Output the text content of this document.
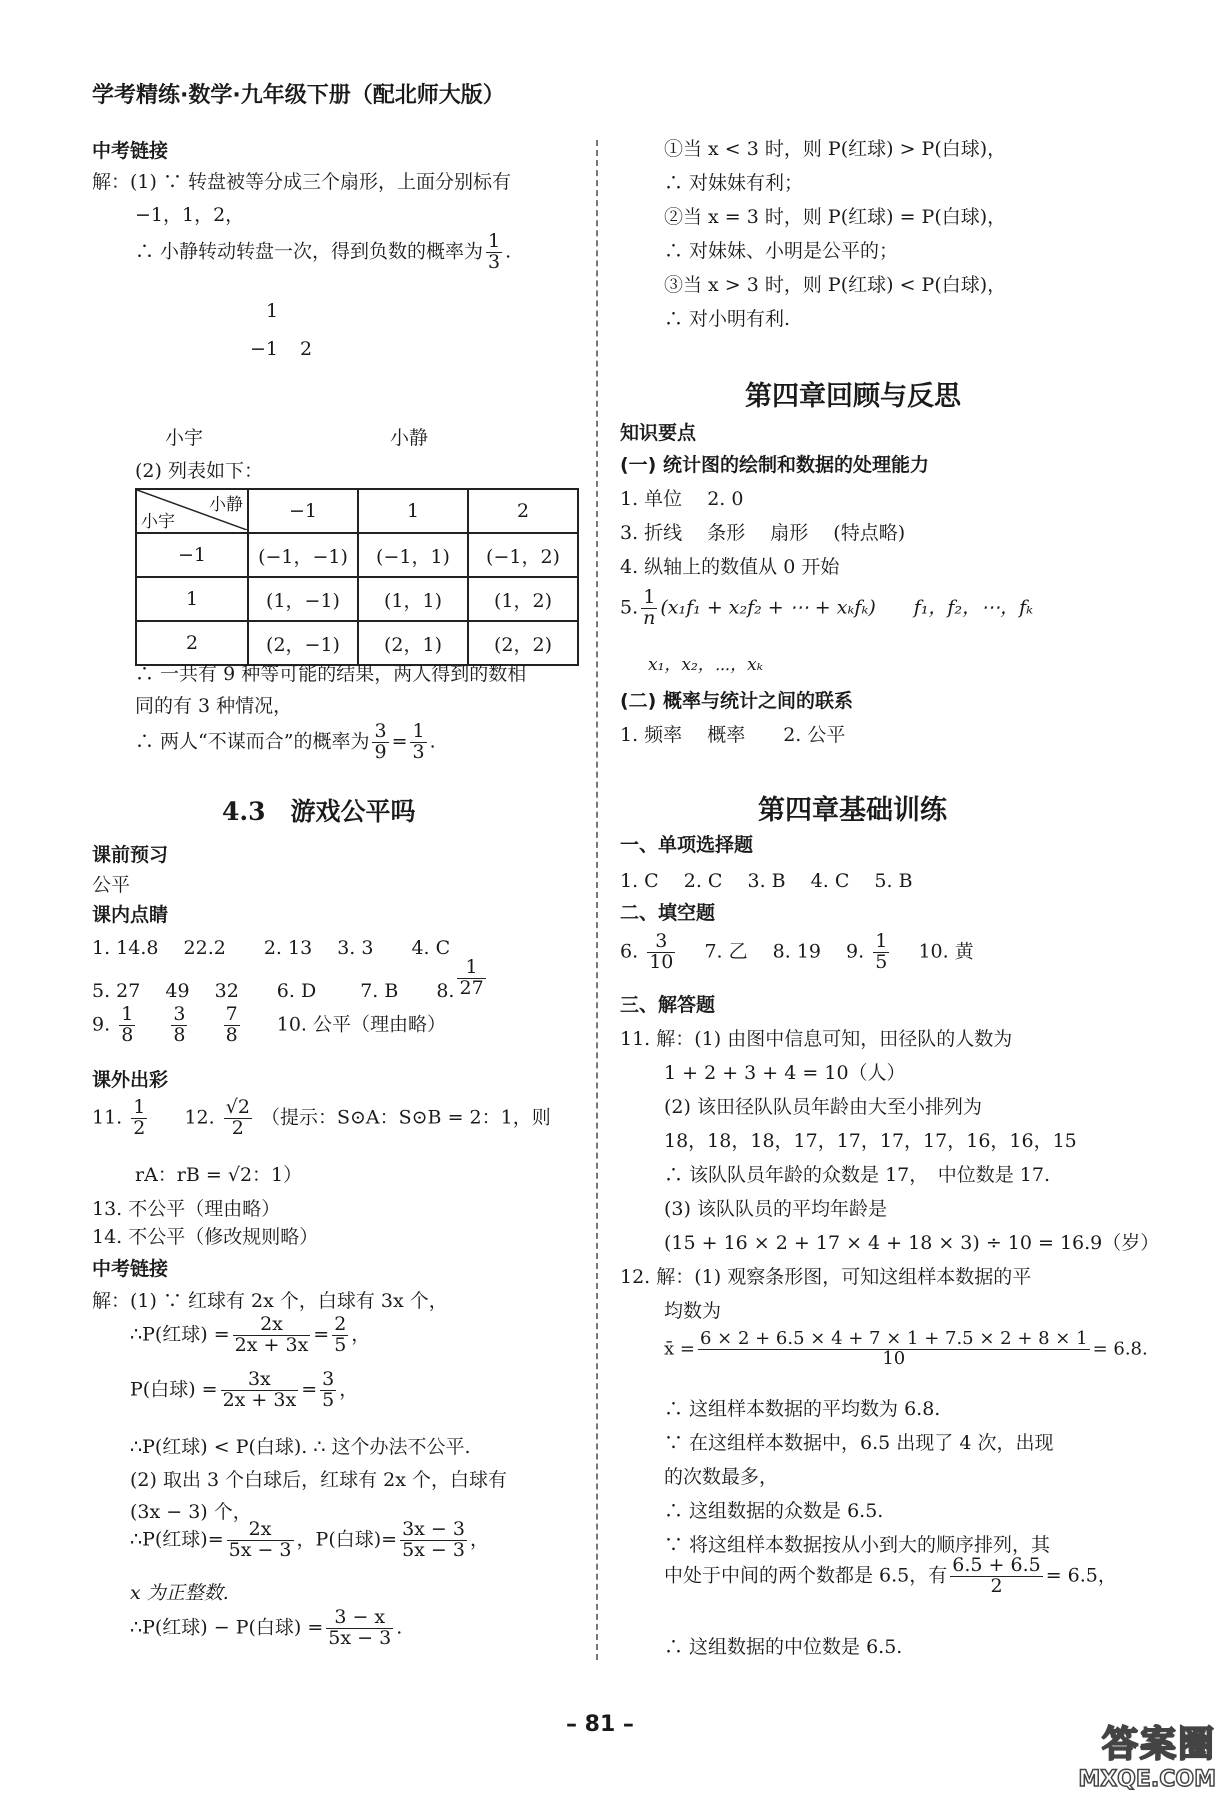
学考精练·数学·九年级下册（配北师大版）
中考链接
解：(1) ∵ 转盘被等分成三个扇形，上面分别标有
−1，1，2，
∴ 小静转动转盘一次，得到负数的概率为 $\frac{1}{3}$ .
1
−1 2
小宇	小静
(2) 列表如下：
小静
小宇	−1	1	2
−1	(−1，−1)	(−1，1)	(−1，2)
1	(1，−1)	(1，1)	(1，2)
2	(2，−1)	(2，1)	(2，2)
∴ 一共有 9 种等可能的结果，两人得到的数相
同的有 3 种情况，
∴ 两人“不谋而合”的概率为 $\frac{3}{9} = \frac{1}{3}$ .
4.3　游戏公平吗
课前预习
公平
课内点睛
1. 14.8　 22.2　　2. 13　 3. 3　　4. C
5. 27　 49　 32　　6. D　　 7. B　　8. $\frac{1}{27}$
9. $\frac{1}{8}$
$\frac{3}{8}$
$\frac{7}{8} 10$. 公平（理由略）
课外出彩
11. $\frac{1}{2} 12$. $\frac{√2}{2}$ （提示：S⊙A：S⊙B = 2：1，则
rA：rB = √2：1）
13. 不公平（理由略）
14. 不公平（修改规则略）
中考链接
解：(1) ∵ 红球有 2x 个，白球有 3x 个，
∴P(红球) = $\frac{2x}{2x + 3x} = \frac{2}{5}$ ，
P(白球) = $\frac{3x}{2x + 3x} = \frac{3}{5}$ ，
∴P(红球) < P(白球). ∴ 这个办法不公平.
(2) 取出 3 个白球后，红球有 2x 个，白球有
(3x − 3) 个，
∴P(红球)= $\frac{2x}{5x - 3}$ ，P(白球)= $\frac{3x - 3}{5x - 3}$ ，
x 为正整数.
∴P(红球) − P(白球) = $\frac{3 - x}{5x - 3}$ .
①当 x < 3 时，则 P(红球) > P(白球)，
∴ 对妹妹有利；
②当 x = 3 时，则 P(红球) = P(白球)，
∴ 对妹妹、小明是公平的；
③当 x > 3 时，则 P(红球) < P(白球)，
∴ 对小明有利.
第四章回顾与反思
知识要点
(一) 统计图的绘制和数据的处理能力
1. 单位　 2. 0
3. 折线　 条形　 扇形　 (特点略)
4. 纵轴上的数值从 0 开始
5. $\frac{1}{n} (x_1f_1 + x_2f_2$ + ⋯ + xₖfₖ)　　f₁，f₂，⋯，fₖ
x₁，x₂，⋯，xₖ
(二) 概率与统计之间的联系
1. 频率　 概率　　2. 公平
第四章基础训练
一、单项选择题
1. C　 2. C　 3. B　 4. C　 5. B
二、填空题
6. $\frac{3}{10} 7$. 乙　 8. 19　 9. $\frac{1}{5} 10$. 黄
三、解答题
11. 解：(1) 由图中信息可知，田径队的人数为
1 + 2 + 3 + 4 = 10（人）
(2) 该田径队队员年龄由大至小排列为
18，18，18，17，17，17，17，16，16，15
∴ 该队队员年龄的众数是 17，　中位数是 17.
(3) 该队队员的平均年龄是
(15 + 16 × 2 + 17 × 4 + 18 × 3) ÷ 10 = 16.9（岁）
12. 解：(1) 观察条形图，可知这组样本数据的平
均数为
x̄ = $\frac{6 \times 2 + 6.5 \times 4 + 7 \times 1 + 7.5 \times 2 + 8 \times 1}{10} = 6.8$.
∴ 这组样本数据的平均数为 6.8.
∵ 在这组样本数据中，6.5 出现了 4 次，出现
的次数最多，
∴ 这组数据的众数是 6.5.
∵ 将这组样本数据按从小到大的顺序排列，其
中处于中间的两个数都是 6.5，有 $\frac{6.5 + 6.5}{2} = 6.5$，
∴ 这组数据的中位数是 6.5.
– 81 –	答案圈
MXQE.COM
